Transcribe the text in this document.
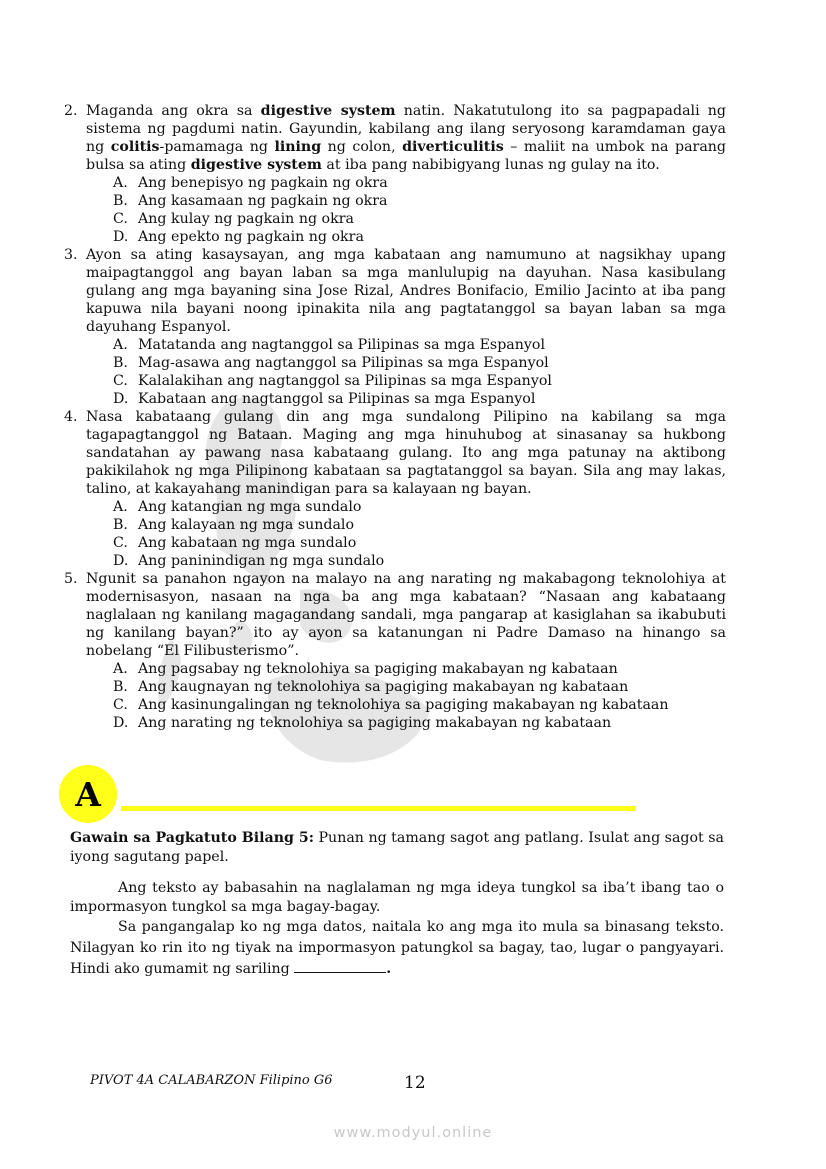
2. Maganda ang okra sa digestive system natin. Nakatutulong ito sa pagpapadali ng sistema ng pagdumi natin. Gayundin, kabilang ang ilang seryosong karamdaman gaya ng colitis-pamamaga ng lining ng colon, diverticulitis – maliit na umbok na parang bulsa sa ating digestive system at iba pang nabibigyang lunas ng gulay na ito.

A. Ang benepisyo ng pagkain ng okra
B. Ang kasamaan ng pagkain ng okra
C. Ang kulay ng pagkain ng okra
D. Ang epekto ng pagkain ng okra

3. Ayon sa ating kasaysayan, ang mga kabataan ang namumuno at nagsikhay upang maipagtanggol ang bayan laban sa mga manlulupig na dayuhan. Nasa kasibulang gulang ang mga bayaning sina Jose Rizal, Andres Bonifacio, Emilio Jacinto at iba pang kapuwa nila bayani noong ipinakita nila ang pagtatanggol sa bayan laban sa mga dayuhang Espanyol.

A. Matatanda ang nagtanggol sa Pilipinas sa mga Espanyol
B. Mag-asawa ang nagtanggol sa Pilipinas sa mga Espanyol
C. Kalalakihan ang nagtanggol sa Pilipinas sa mga Espanyol
D. Kabataan ang nagtanggol sa Pilipinas sa mga Espanyol

4. Nasa kabataang gulang din ang mga sundalong Pilipino na kabilang sa mga tagapagtanggol ng Bataan. Maging ang mga hinuhubog at sinasanay sa hukbong sandatahan ay pawang nasa kabataang gulang. Ito ang mga patunay na aktibong pakikilahok ng mga Pilipinong kabataan sa pagtatanggol sa bayan. Sila ang may lakas, talino, at kakayahang manindigan para sa kalayaan ng bayan.

A. Ang katangian ng mga sundalo
B. Ang kalayaan ng mga sundalo
C. Ang kabataan ng mga sundalo
D. Ang paninindigan ng mga sundalo

5. Ngunit sa panahon ngayon na malayo na ang narating ng makabagong teknolohiya at modernisasyon, nasaan na nga ba ang mga kabataan? “Nasaan ang kabataang naglalaan ng kanilang magagandang sandali, mga pangarap at kasiglahan sa ikabubuti ng kanilang bayan?” ito ay ayon sa katanungan ni Padre Damaso na hinango sa nobelang “El Filibusterismo”.

A. Ang pagsabay ng teknolohiya sa pagiging makabayan ng kabataan
B. Ang kaugnayan ng teknolohiya sa pagiging makabayan ng kabataan
C. Ang kasinungalingan ng teknolohiya sa pagiging makabayan ng kabataan
D. Ang narating ng teknolohiya sa pagiging makabayan ng kabataan
A

Gawain sa Pagkatuto Bilang 5: Punan ng tamang sagot ang patlang. Isulat ang sagot sa iyong sagutang papel.

Ang teksto ay babasahin na naglalaman ng mga ideya tungkol sa iba’t ibang tao o impormasyon tungkol sa mga bagay-bagay.

Sa pangangalap ko ng mga datos, naitala ko ang mga ito mula sa binasang teksto. Nilagyan ko rin ito ng tiyak na impormasyon patungkol sa bagay, tao, lugar o pangyayari. Hindi ako gumamit ng sariling	.

PIVOT 4A CALABARZON Filipino G6	12
www.modyul.online
